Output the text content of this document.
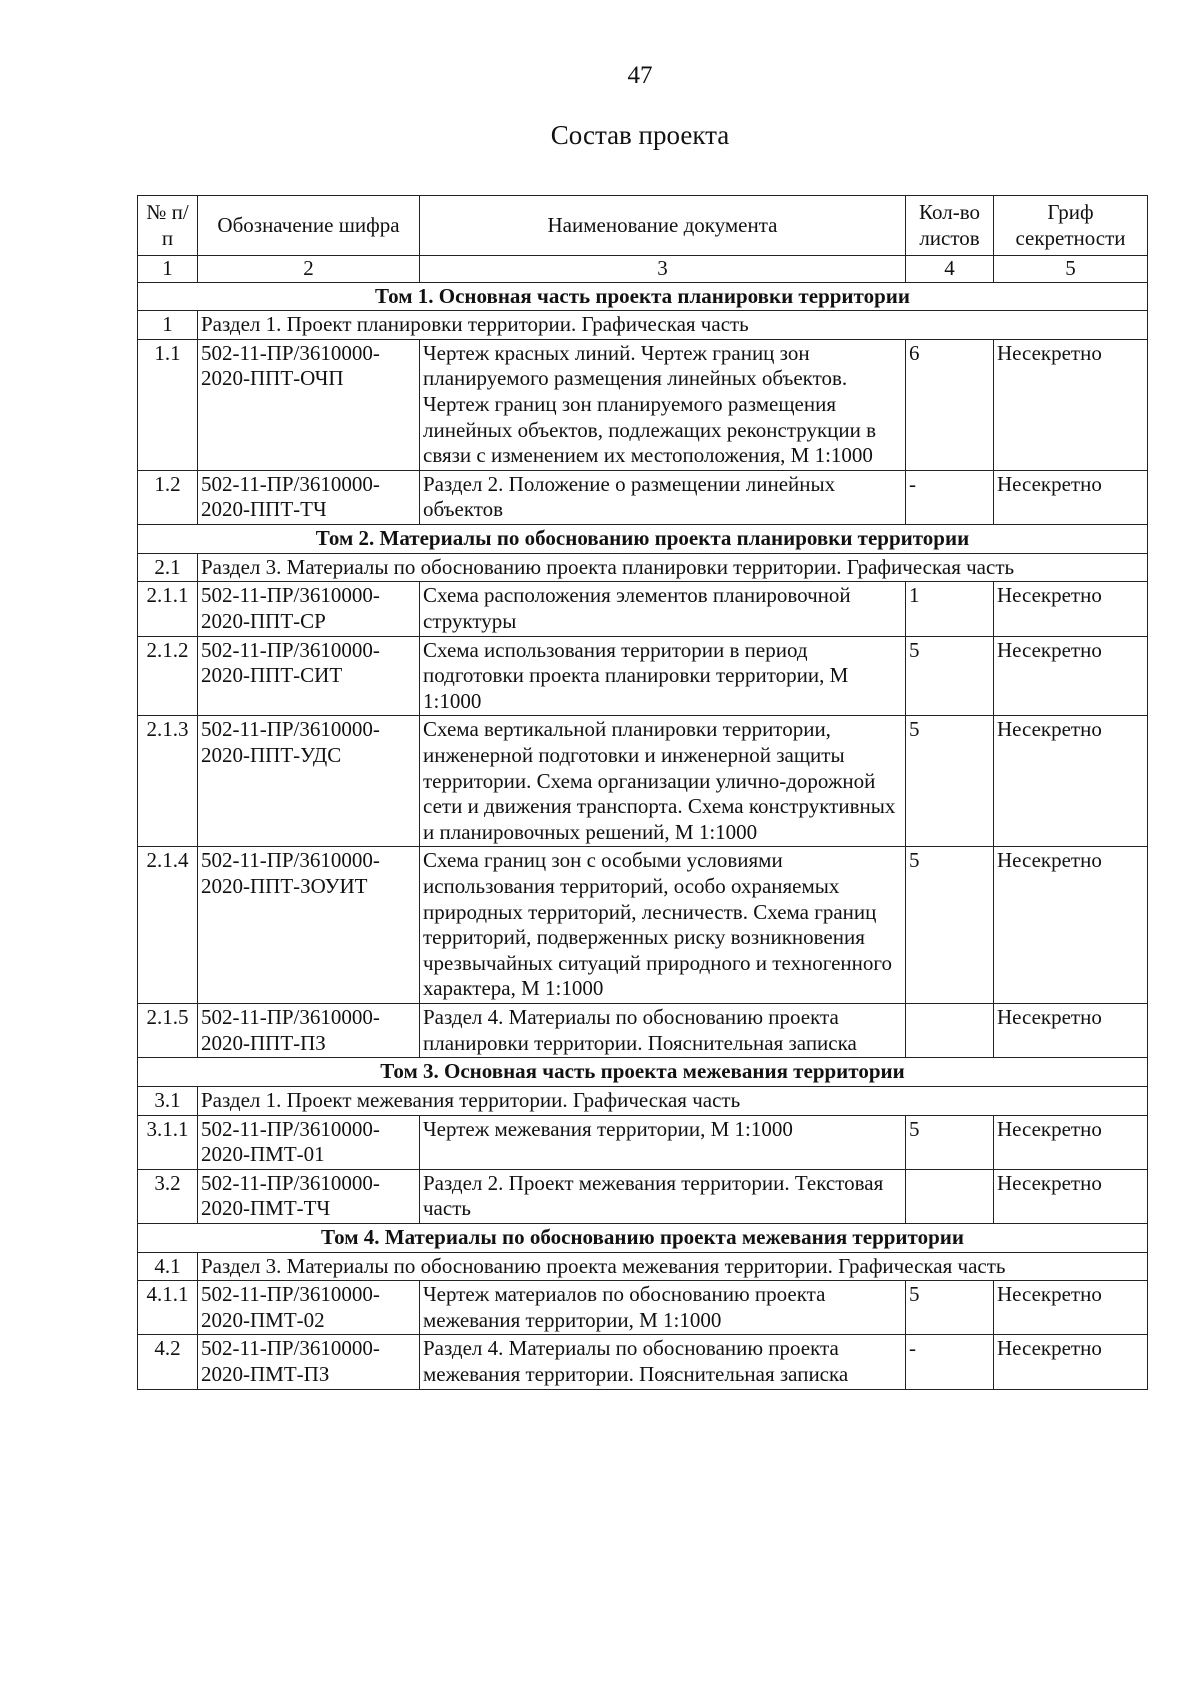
47
Состав проекта
№ п/п	Обозначение шифра	Наименование документа	Кол-во листов	Гриф секретности
1	2	3	4	5
Том 1. Основная часть проекта планировки территории				
1	Раздел 1. Проект планировки территории. Графическая часть			
1.1	502-11-ПР/3610000-2020-ППТ-ОЧП	Чертеж красных линий. Чертеж границ зон планируемого размещения линейных объектов. Чертеж границ зон планируемого размещения линейных объектов, подлежащих реконструкции в связи с изменением их местоположения, М 1:1000	6	Несекретно
1.2	502-11-ПР/3610000-2020-ППТ-ТЧ	Раздел 2. Положение о размещении линейных объектов	-	Несекретно
Том 2. Материалы по обоснованию проекта планировки территории				
2.1	Раздел 3. Материалы по обоснованию проекта планировки территории. Графическая часть			
2.1.1	502-11-ПР/3610000-2020-ППТ-СР	Схема расположения элементов планировочной структуры	1	Несекретно
2.1.2	502-11-ПР/3610000-2020-ППТ-СИТ	Схема использования территории в период подготовки проекта планировки территории, М 1:1000	5	Несекретно
2.1.3	502-11-ПР/3610000-2020-ППТ-УДС	Схема вертикальной планировки территории, инженерной подготовки и инженерной защиты территории. Схема организации улично-дорожной сети и движения транспорта. Схема конструктивных и планировочных решений, М 1:1000	5	Несекретно
2.1.4	502-11-ПР/3610000-2020-ППТ-ЗОУИТ	Схема границ зон с особыми условиями использования территорий, особо охраняемых природных территорий, лесничеств. Схема границ территорий, подверженных риску возникновения чрезвычайных ситуаций природного и техногенного характера, М 1:1000	5	Несекретно
2.1.5	502-11-ПР/3610000-2020-ППТ-ПЗ	Раздел 4. Материалы по обоснованию проекта планировки территории. Пояснительная записка		Несекретно
Том 3. Основная часть проекта межевания территории				
3.1	Раздел 1. Проект межевания территории. Графическая часть			
3.1.1	502-11-ПР/3610000-2020-ПМТ-01	Чертеж межевания территории, М 1:1000	5	Несекретно
3.2	502-11-ПР/3610000-2020-ПМТ-ТЧ	Раздел 2. Проект межевания территории. Текстовая часть		Несекретно
Том 4. Материалы по обоснованию проекта межевания территории				
4.1	Раздел 3. Материалы по обоснованию проекта межевания территории. Графическая часть			
4.1.1	502-11-ПР/3610000-2020-ПМТ-02	Чертеж материалов по обоснованию проекта межевания территории, М 1:1000	5	Несекретно
4.2	502-11-ПР/3610000-2020-ПМТ-ПЗ	Раздел 4. Материалы по обоснованию проекта межевания территории. Пояснительная записка	-	Несекретно
